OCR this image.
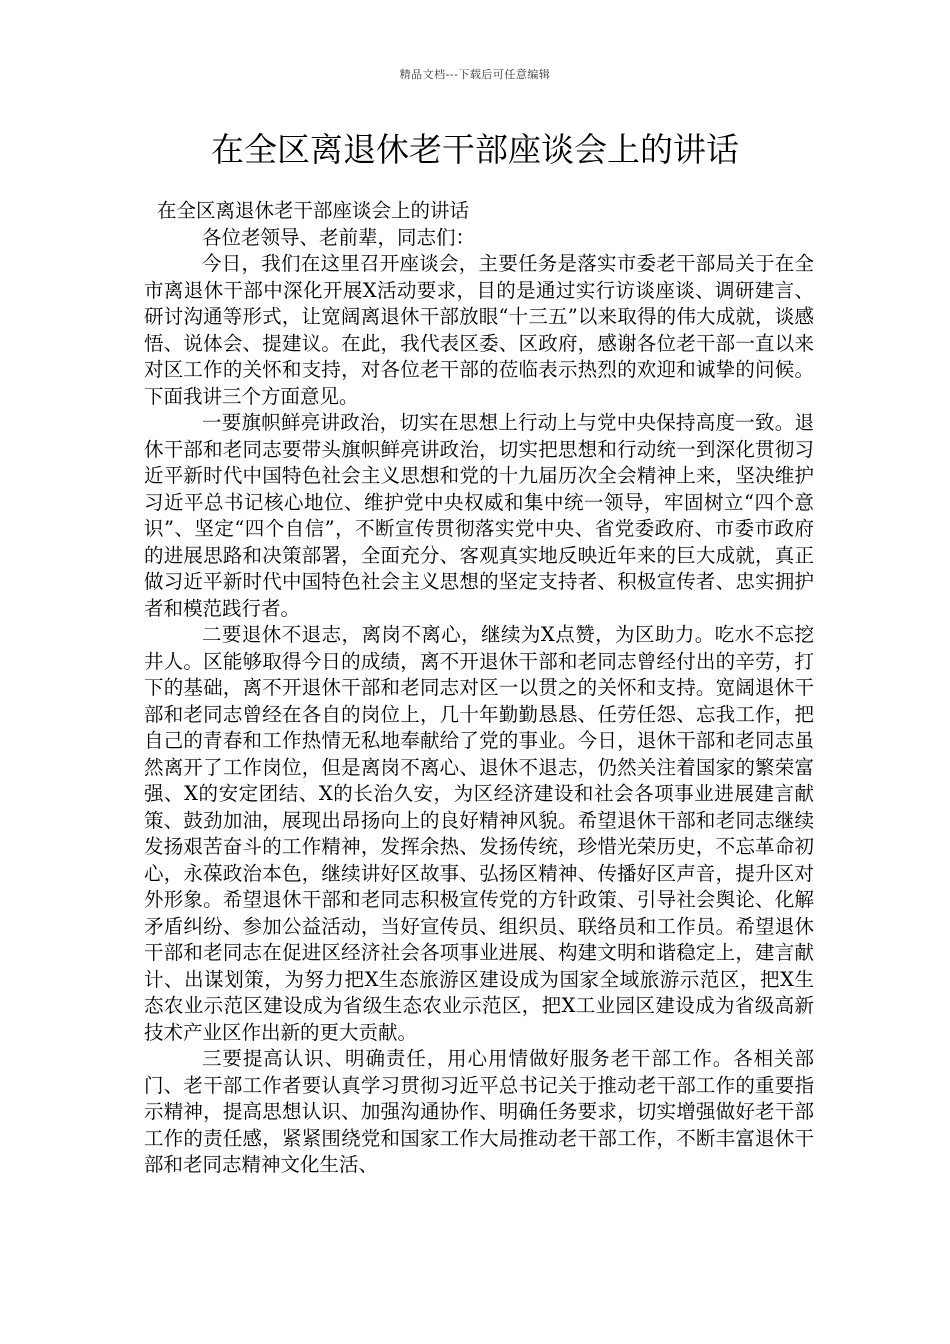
精品文档---下载后可任意编辑
在全区离退休老干部座谈会上的讲话

在全区离退休老干部座谈会上的讲话

各位老领导、老前辈，同志们：

今日，我们在这里召开座谈会，主要任务是落实市委老干部局关于在全市离退休干部中深化开展X活动要求，目的是通过实行访谈座谈、调研建言、研讨沟通等形式，让宽阔离退休干部放眼“十三五”以来取得的伟大成就，谈感悟、说体会、提建议。在此，我代表区委、区政府，感谢各位老干部一直以来对区工作的关怀和支持，对各位老干部的莅临表示热烈的欢迎和诚挚的问候。下面我讲三个方面意见。

一要旗帜鲜亮讲政治，切实在思想上行动上与党中央保持高度一致。退休干部和老同志要带头旗帜鲜亮讲政治，切实把思想和行动统一到深化贯彻习近平新时代中国特色社会主义思想和党的十九届历次全会精神上来，坚决维护习近平总书记核心地位、维护党中央权威和集中统一领导，牢固树立“四个意识”、坚定“四个自信”，不断宣传贯彻落实党中央、省党委政府、市委市政府的进展思路和决策部署，全面充分、客观真实地反映近年来的巨大成就，真正做习近平新时代中国特色社会主义思想的坚定支持者、积极宣传者、忠实拥护者和模范践行者。

二要退休不退志，离岗不离心，继续为X点赞，为区助力。吃水不忘挖井人。区能够取得今日的成绩，离不开退休干部和老同志曾经付出的辛劳，打下的基础，离不开退休干部和老同志对区一以贯之的关怀和支持。宽阔退休干部和老同志曾经在各自的岗位上，几十年勤勤恳恳、任劳任怨、忘我工作，把自己的青春和工作热情无私地奉献给了党的事业。今日，退休干部和老同志虽然离开了工作岗位，但是离岗不离心、退休不退志，仍然关注着国家的繁荣富强、X的安定团结、X的长治久安，为区经济建设和社会各项事业进展建言献策、鼓劲加油，展现出昂扬向上的良好精神风貌。希望退休干部和老同志继续发扬艰苦奋斗的工作精神，发挥余热、发扬传统，珍惜光荣历史，不忘革命初心，永葆政治本色，继续讲好区故事、弘扬区精神、传播好区声音，提升区对外形象。希望退休干部和老同志积极宣传党的方针政策、引导社会舆论、化解矛盾纠纷、参加公益活动，当好宣传员、组织员、联络员和工作员。希望退休干部和老同志在促进区经济社会各项事业进展、构建文明和谐稳定上，建言献计、出谋划策，为努力把X生态旅游区建设成为国家全域旅游示范区，把X生态农业示范区建设成为省级生态农业示范区，把X工业园区建设成为省级高新技术产业区作出新的更大贡献。

三要提高认识、明确责任，用心用情做好服务老干部工作。各相关部门、老干部工作者要认真学习贯彻习近平总书记关于推动老干部工作的重要指示精神，提高思想认识、加强沟通协作、明确任务要求，切实增强做好老干部工作的责任感，紧紧围绕党和国家工作大局推动老干部工作，不断丰富退休干部和老同志精神文化生活、
